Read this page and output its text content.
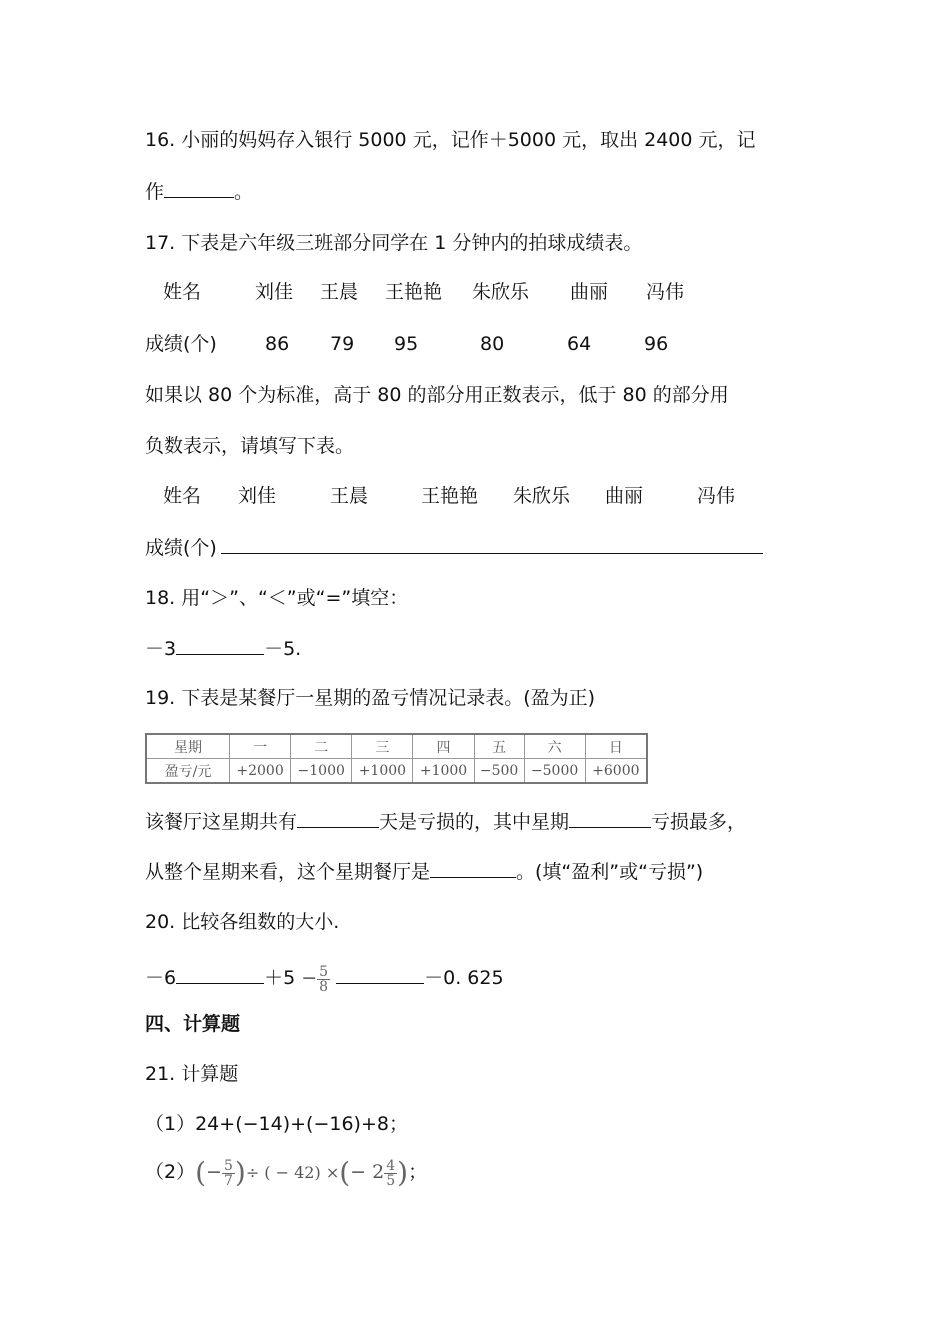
16. 小丽的妈妈存入银行 5000 元，记作＋5000 元，取出 2400 元，记
作	。
17. 下表是六年级三班部分同学在 1 分钟内的拍球成绩表。
姓名	刘佳 王晨 王艳艳 朱欣乐 曲丽 冯伟
成绩(个)	86 79 95	80	64	96
如果以 80 个为标准，高于 80 的部分用正数表示，低于 80 的部分用
负数表示，请填写下表。
姓名 刘佳	王晨	王艳艳 朱欣乐 曲丽	冯伟
成绩(个)
18. 用“＞”、“＜”或“=”填空：
－3	－5.
19. 下表是某餐厅一星期的盈亏情况记录表。(盈为正)
星期	一	二	三	四	五	六	日
盈亏/元	+2000	−1000	+1000	+1000	−500	−5000	+6000
该餐厅这星期共有	天是亏损的，其中星期	亏损最多，
从整个星期来看，这个星期餐厅是	。(填“盈利”或“亏损”)
20. 比较各组数的大小.
－6	$+5 - \frac{5}{8}$	－0. 625
四、计算题
21. 计算题
（1）24+(−14)+(−16)+8；
$(2)(- \frac{5}{7}$ )÷ ( − 42) ×(− $2 \frac{4}{5}$ )；
